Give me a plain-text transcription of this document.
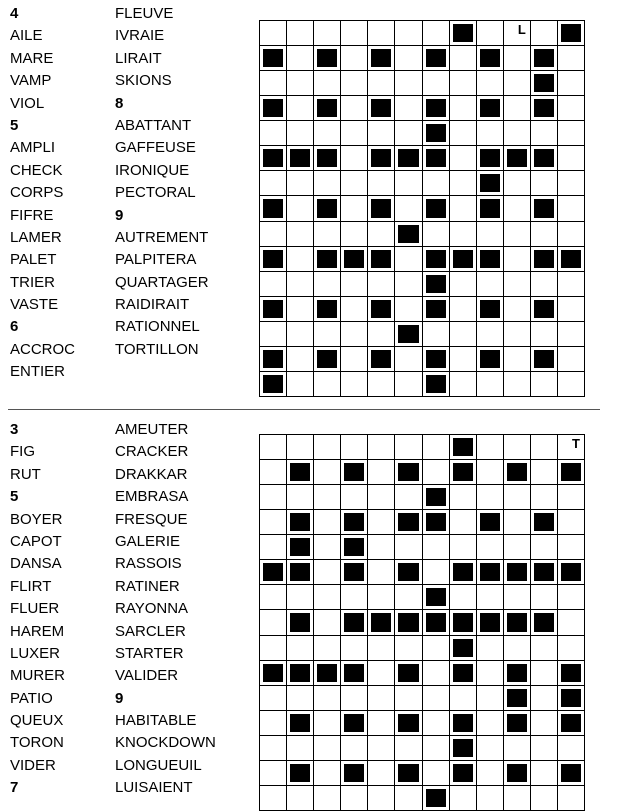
4
AILE
MARE
VAMP
VIOL
5
AMPLI
CHECK
CORPS
FIFRE
LAMER
PALET
TRIER
VASTE
6
ACCROC
ENTIER
FLEUVE
IVRAIE
LIRAIT
SKIONS
8
ABATTANT
GAFFEUSE
IRONIQUE
PECTORAL
9
AUTREMENT
PALPITERA
QUARTAGER
RAIDIRAIT
RATIONNEL
TORTILLON
L
3
FIG
RUT
5
BOYER
CAPOT
DANSA
FLIRT
FLUER
HAREM
LUXER
MURER
PATIO
QUEUX
TORON
VIDER
7
AMEUTER
CRACKER
DRAKKAR
EMBRASA
FRESQUE
GALERIE
RASSOIS
RATINER
RAYONNA
SARCLER
STARTER
VALIDER
9
HABITABLE
KNOCKDOWN
LONGUEUIL
LUISAIENT
T
